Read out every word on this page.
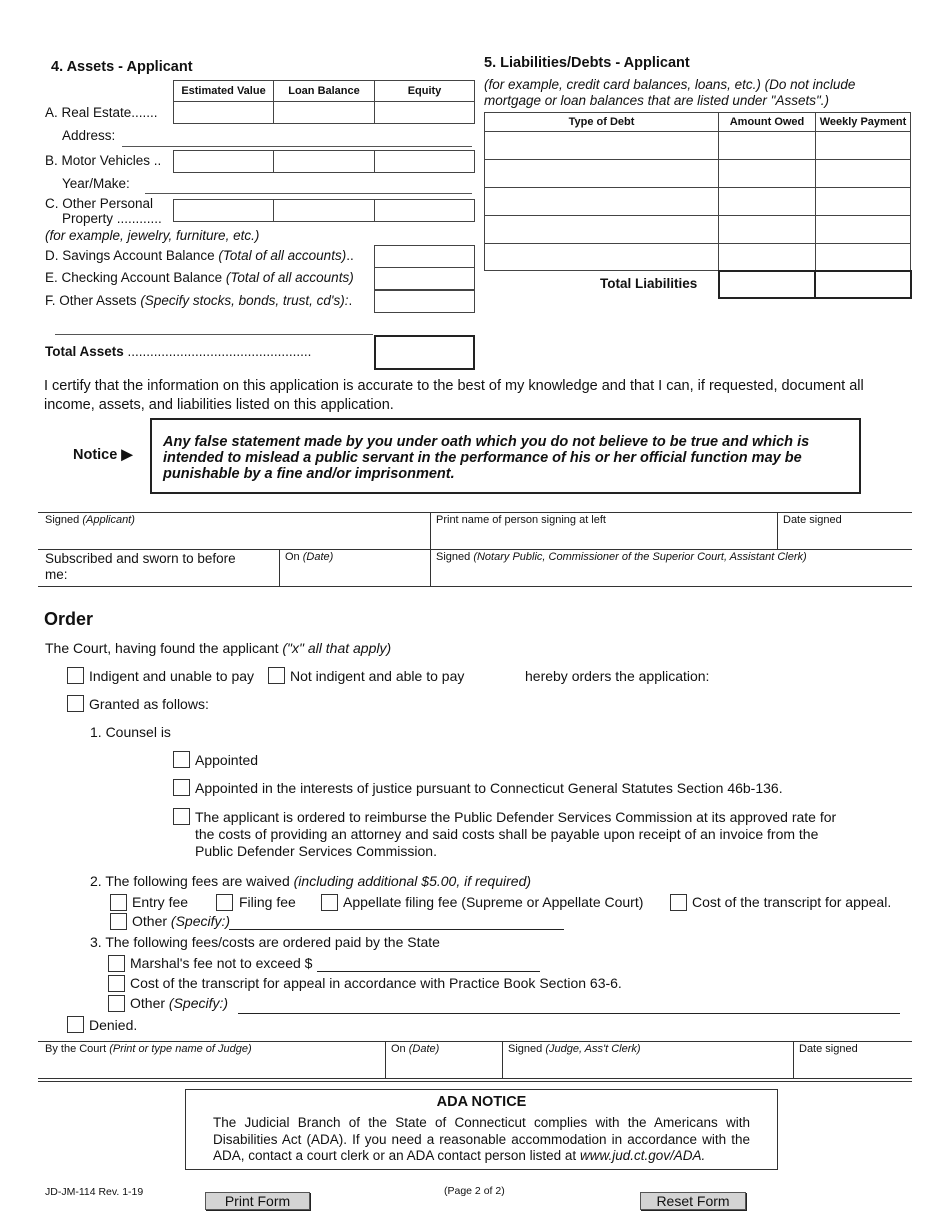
4. Assets - Applicant
Estimated Value	Loan Balance	Equity
A. Real Estate.......
Address:
B. Motor Vehicles ..
Year/Make:
C. Other Personal
Property ............
(for example, jewelry, furniture, etc.)
D. Savings Account Balance (Total of all accounts)..
E. Checking Account Balance (Total of all accounts)
F. Other Assets (Specify stocks, bonds, trust, cd's):.
Total Assets .................................................
5. Liabilities/Debts - Applicant
(for example, credit card balances, loans, etc.) (Do not include mortgage or loan balances that are listed under "Assets".)
Type of Debt	Amount Owed	Weekly Payment
Total Liabilities
I certify that the information on this application is accurate to the best of my knowledge and that I can, if requested, document all income, assets, and liabilities listed on this application.
Notice ▶
Any false statement made by you under oath which you do not believe to be true and which is intended to mislead a public servant in the performance of his or her official function may be punishable by a fine and/or imprisonment.
Signed (Applicant)	Print name of person signing at left	Date signed
Subscribed and sworn to before me:
On (Date)	Signed (Notary Public, Commissioner of the Superior Court, Assistant Clerk)
Order
The Court, having found the applicant ("x" all that apply)
Indigent and unable to pay	Not indigent and able to pay	hereby orders the application:
Granted as follows:
1. Counsel is
Appointed
Appointed in the interests of justice pursuant to Connecticut General Statutes Section 46b-136.
The applicant is ordered to reimburse the Public Defender Services Commission at its approved rate for the costs of providing an attorney and said costs shall be payable upon receipt of an invoice from the Public Defender Services Commission.
2. The following fees are waived (including additional $5.00, if required)
Entry fee	Filing fee	Appellate filing fee (Supreme or Appellate Court)	Cost of the transcript for appeal.
Other (Specify:)
3. The following fees/costs are ordered paid by the State
Marshal's fee not to exceed $
Cost of the transcript for appeal in accordance with Practice Book Section 63-6.
Other (Specify:)
Denied.
By the Court (Print or type name of Judge)	On (Date)	Signed (Judge, Ass't Clerk)	Date signed
ADA NOTICE
The Judicial Branch of the State of Connecticut complies with the Americans with Disabilities Act (ADA). If you need a reasonable accommodation in accordance with the ADA, contact a court clerk or an ADA contact person listed at www.jud.ct.gov/ADA.
JD-JM-114 Rev. 1-19	(Page 2 of 2)
Print Form	Reset Form
